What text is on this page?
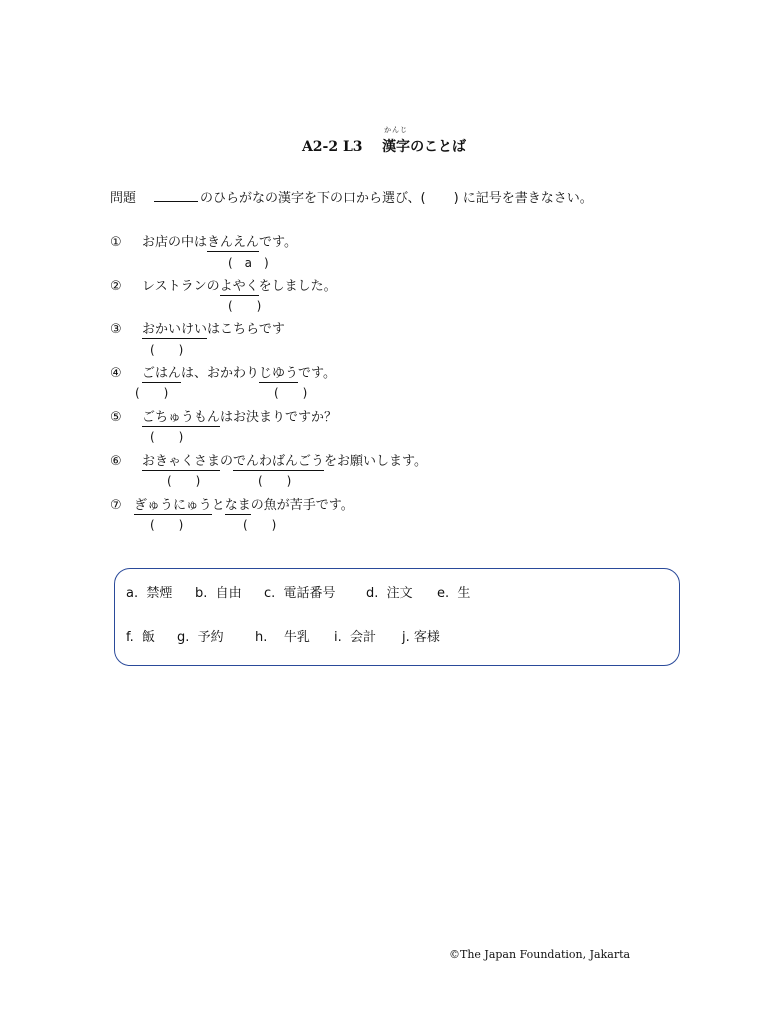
A2-2 L3
かんじ
漢字のことば
問題	のひらがなの漢字を下の口から選び、( ) に記号を書きなさい。
① お店の中はきんえんです。
(　a　)
② レストランのよやくをしました。
(　　)
③ おかいけいはこちらです
(　　)
④ ごはんは、おかわりじゆうです。
(　　)	(　　)
⑤ ごちゅうもんはお決まりですか？
(　　)
⑥ おきゃくさまのでんわばんごうをお願いします。
(　　)	(　　)
⑦ ぎゅうにゅうとなまの魚が苦手です。
(　　)	(　　)
a. 禁煙 b. 自由 c. 電話番号 d. 注文 e. 生
f. 飯 g. 予約 h. 牛乳 i. 会計 j. 客様
©The Japan Foundation, Jakarta
